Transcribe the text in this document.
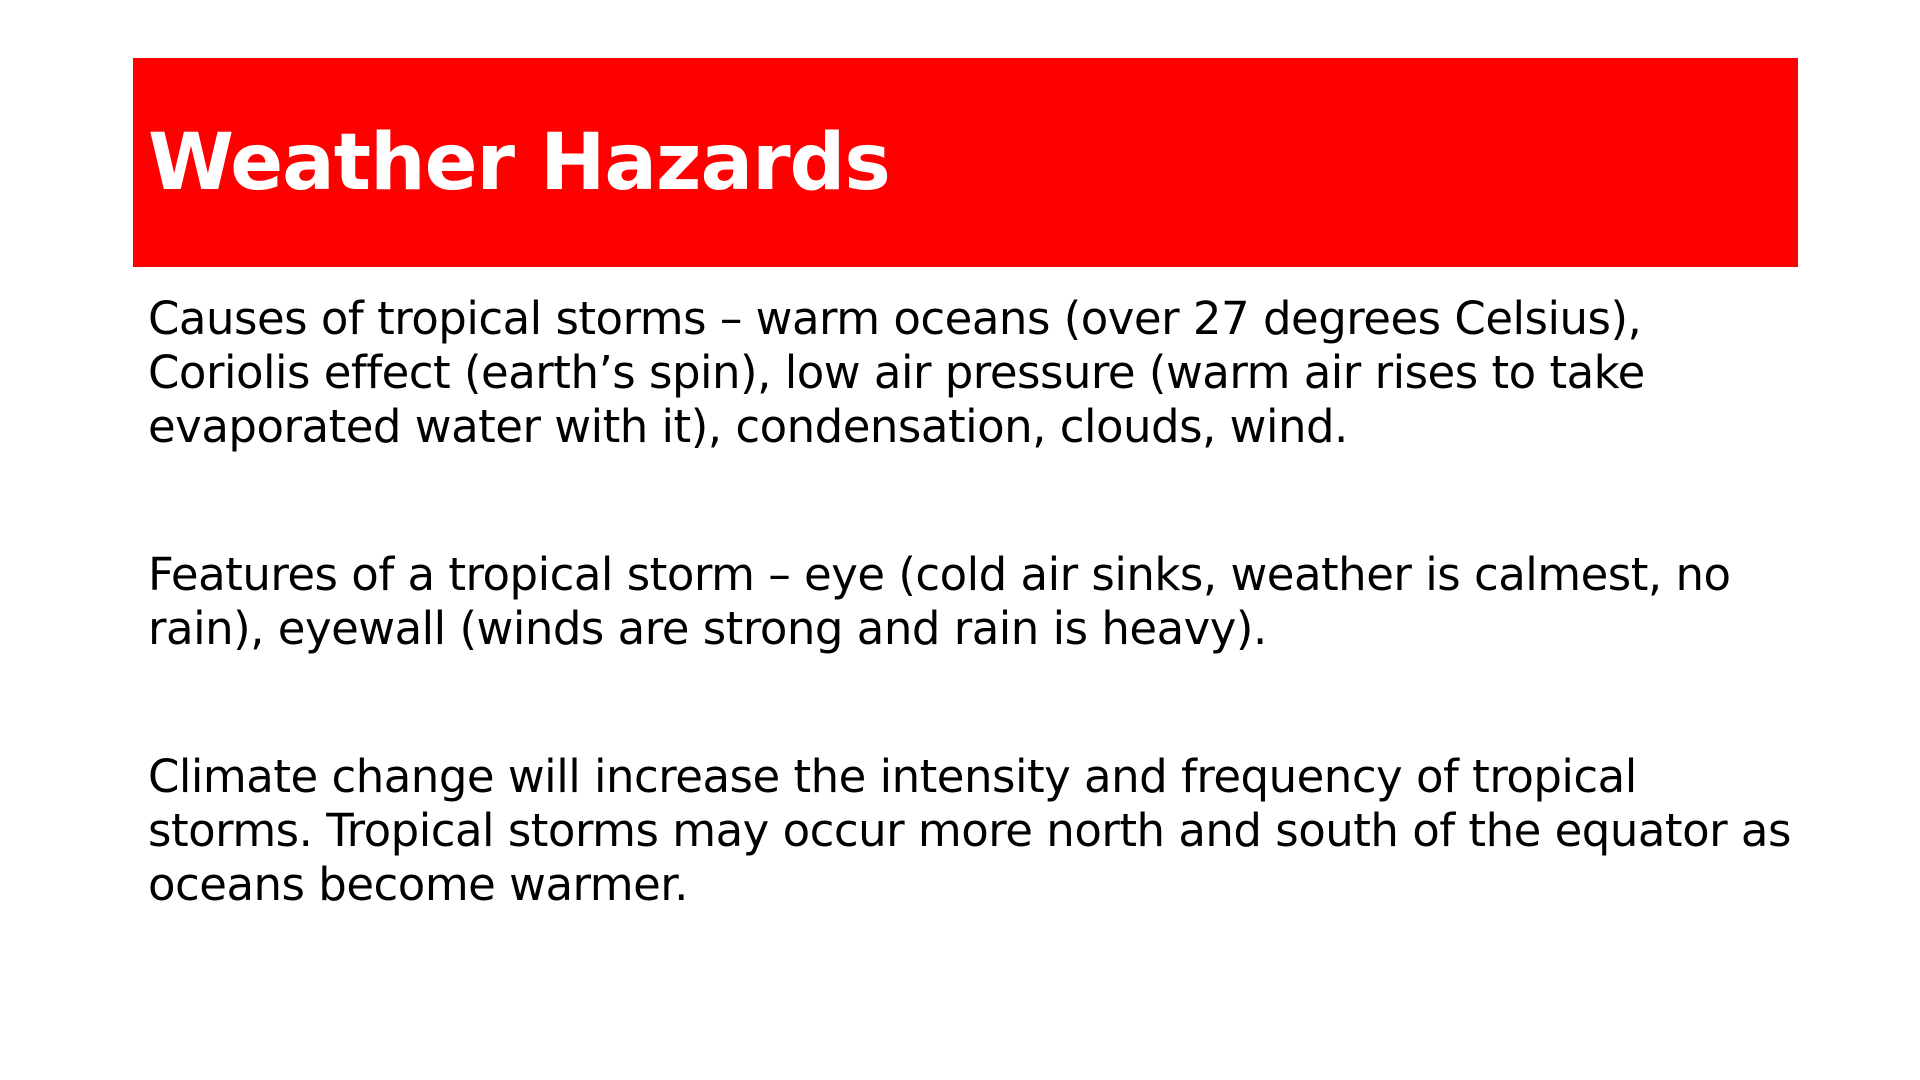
Weather Hazards

Causes of tropical storms – warm oceans (over 27 degrees Celsius), Coriolis effect (earth’s spin), low air pressure (warm air rises to take evaporated water with it), condensation, clouds, wind.

Features of a tropical storm – eye (cold air sinks, weather is calmest, no rain), eyewall (winds are strong and rain is heavy).

Climate change will increase the intensity and frequency of tropical storms. Tropical storms may occur more north and south of the equator as oceans become warmer.
